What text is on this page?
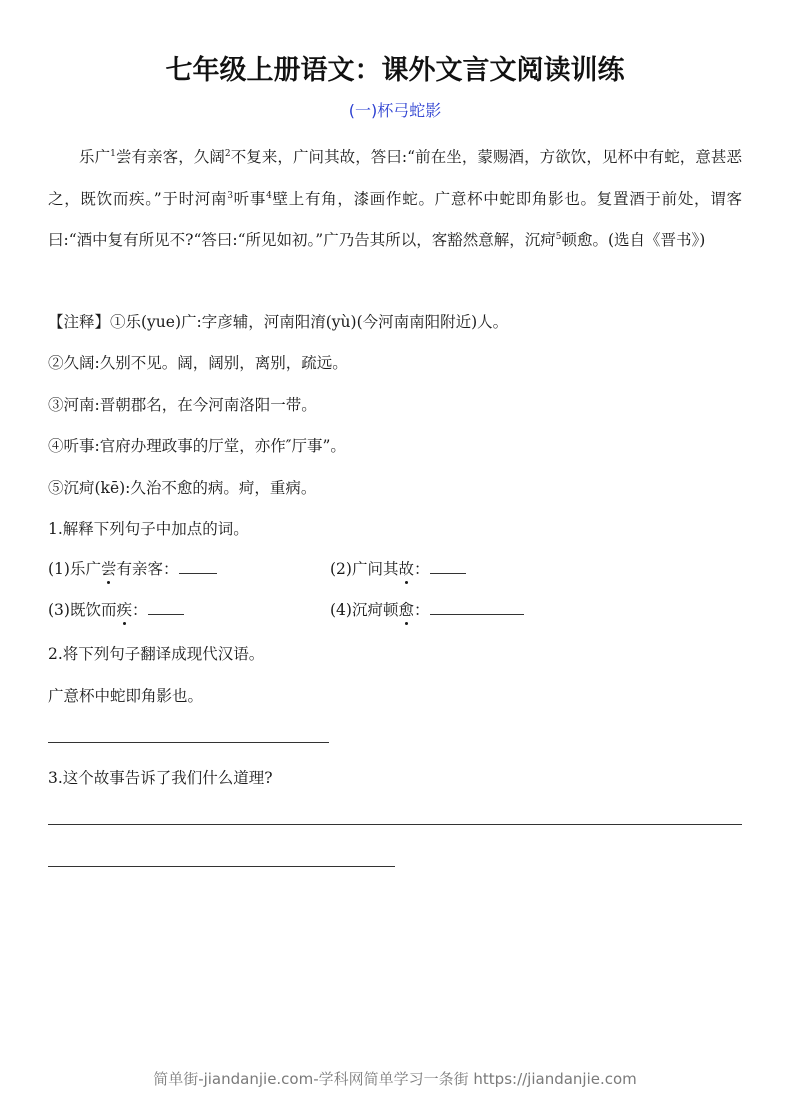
七年级上册语文：课外文言文阅读训练
(一)杯弓蛇影
乐广$^1$尝有亲客，久阔$^2$不复来，广问其故，答曰:“前在坐，蒙赐酒，方欲饮，见杯中有蛇，意甚恶之，既饮而疾。”于时河南$^3$听事$^4$壁上有角，漆画作蛇。广意杯中蛇即角影也。复置酒于前处，谓客曰:“酒中复有所见不?“答曰:“所见如初。”广乃告其所以，客豁然意解，沉疴$^5$顿愈。(选自《晋书》)
【注释】①乐(yue)广:字彦辅，河南阳淯(yù)(今河南南阳附近)人。
②久阔:久别不见。阔，阔别，离别，疏远。
③河南:晋朝郡名，在今河南洛阳一带。
④听事:官府办理政事的厅堂，亦作″厅事”。
⑤沉疴(kē):久治不愈的病。疴，重病。
1.解释下列句子中加点的词。
(1)乐广尝有亲客：	(2)广问其故：
(3)既饮而疾：	(4)沉疴顿愈：
2.将下列句子翻译成现代汉语。
广意杯中蛇即角影也。
3.这个故事告诉了我们什么道理?
简单街-jiandanjie.com-学科网简单学习一条街 https://jiandanjie.com
